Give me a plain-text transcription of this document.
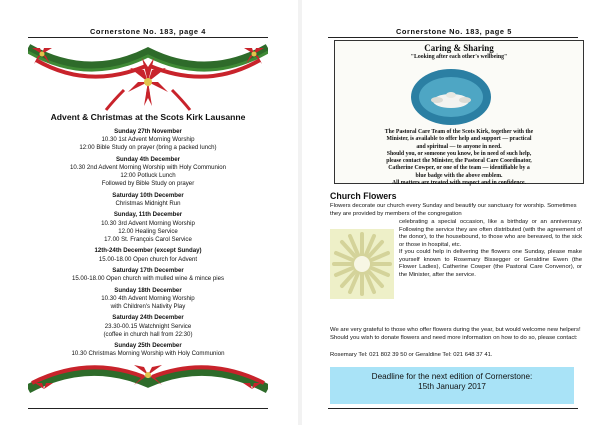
Cornerstone No. 183, page 4
Advent & Christmas at the Scots Kirk Lausanne
Sunday 27th November
10.30 1st Advent Morning Worship
12:00 Bible Study on prayer (bring a packed lunch)
Sunday 4th December
10.30 2nd Advent Morning Worship with Holy Communion
12:00 Potluck Lunch
Followed by Bible Study on prayer
Saturday 10th December
Christmas Midnight Run
Sunday, 11th December
10.30 3rd Advent Morning Worship
12.00 Healing Service
17.00 St. François Carol Service
12th-24th December (except Sunday)
15.00-18.00 Open church for Advent
Saturday 17th December
15.00-18.00 Open church with mulled wine & mince pies
Sunday 18th December
10.30 4th Advent Morning Worship
with Children's Nativity Play
Saturday 24th December
23.30-00.15 Watchnight Service
(coffee in church hall from 22:30)
Sunday 25th December
10.30 Christmas Morning Worship with Holy Communion
Cornerstone No. 183, page 5
Caring & Sharing
"Looking after each other's wellbeing"
The Pastoral Care Team of the Scots Kirk, together with the
Minister, is available to offer help and support — practical
and spiritual — to anyone in need.
Should you, or someone you know, be in need of such help,
please contact the Minister, the Pastoral Care Coordinator,
Catherine Cowper, or one of the team — identifiable by a
blue badge with the above emblem.
All matters are treated with respect and in confidence.
Church Flowers
Flowers decorate our church every Sunday and beautify our sanctuary for worship. Sometimes they are provided by members of the congregation
celebrating a special occasion, like a birthday or an anniversary. Following the service they are often distributed (with the agreement of the donor), to the housebound, to those who are bereaved, to the sick or those in hospital, etc.
If you could help in delivering the flowers one Sunday, please make yourself known to Rosemary Bissegger or Geraldine Ewen (the Flower Ladies), Catherine Cowper (the Pastoral Care Convenor), or the Minister, after the service.
We are very grateful to those who offer flowers during the year, but would welcome new helpers! Should you wish to donate flowers and need more information on how to do so, please contact:
Rosemary Tel: 021 802 39 50 or Geraldine Tel: 021 648 37 41.
Deadline for the next edition of Cornerstone:
15th January 2017
